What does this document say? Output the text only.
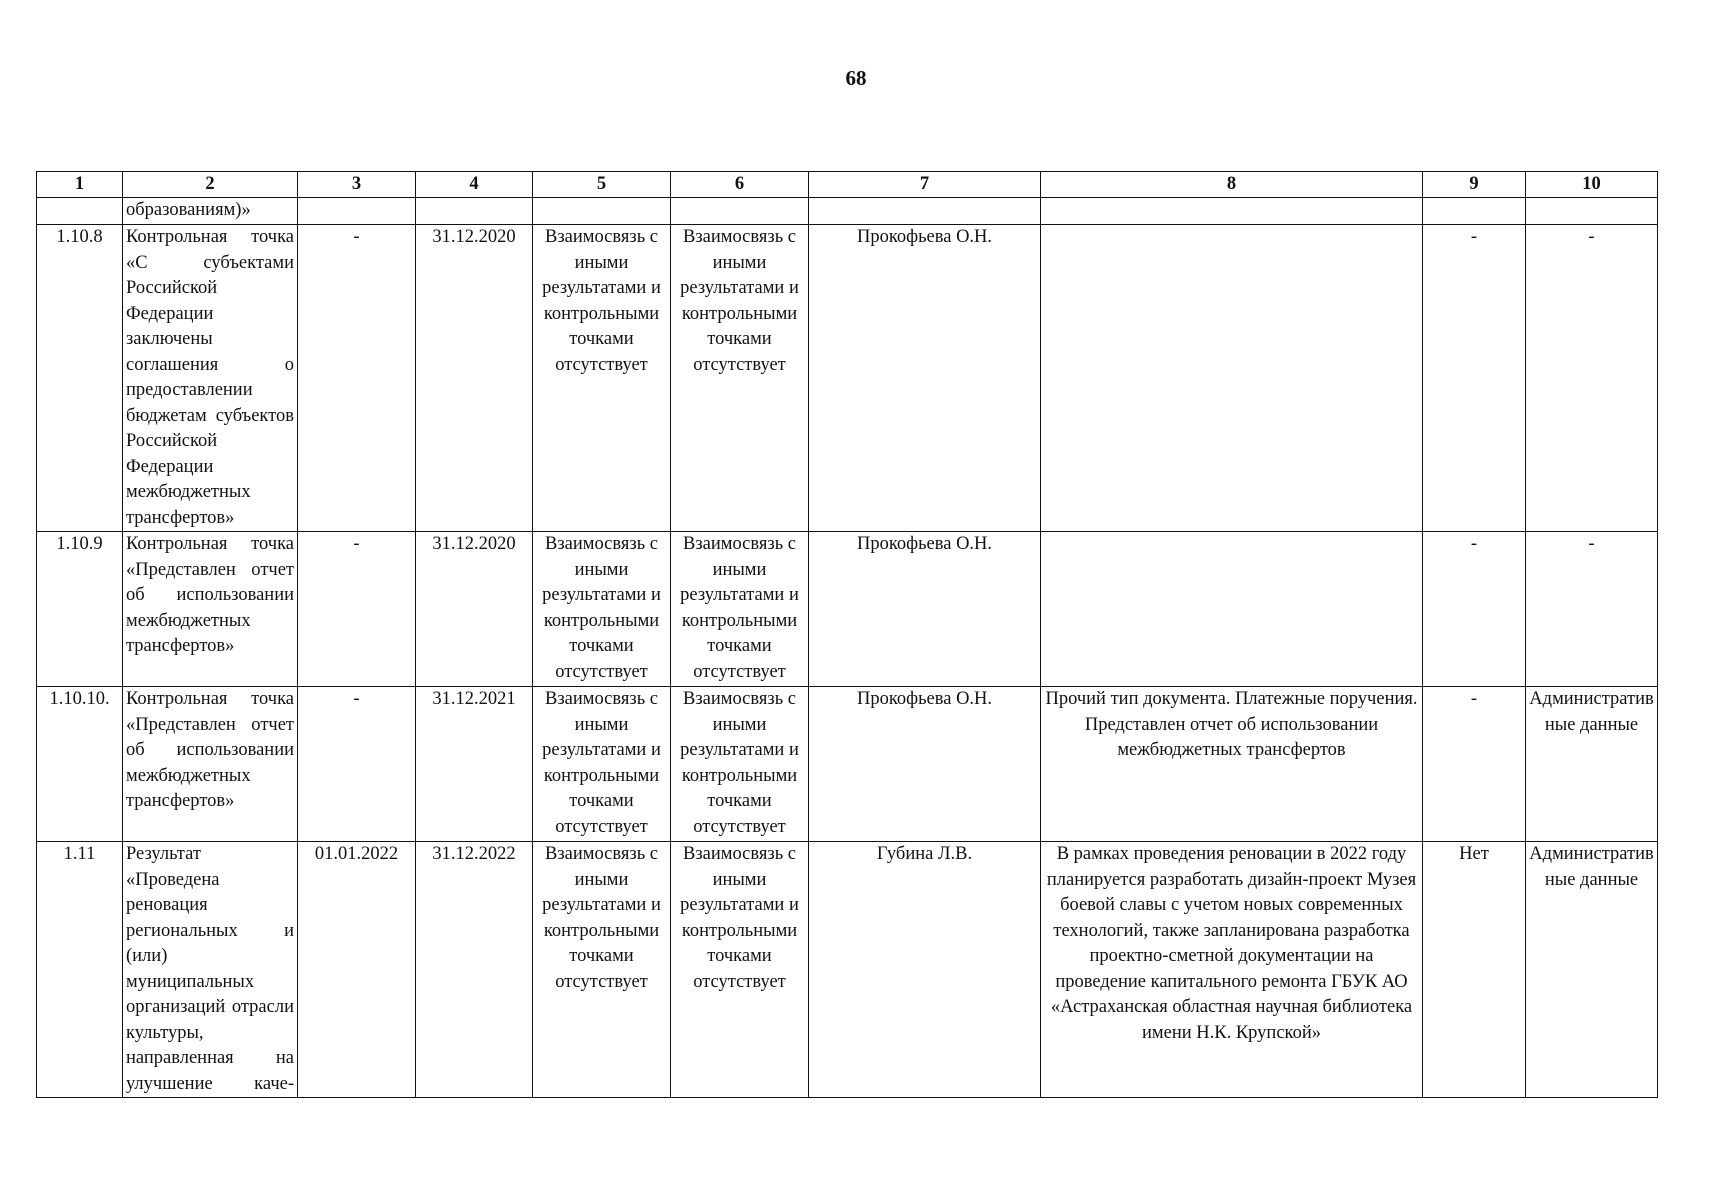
68
1	2	3	4	5	6	7	8	9	10
	образованиям)»								
1.10.8	Контрольная точка «С субъектами Российской Федерации заключены соглашения о предоставлении бюджетам субъектов Российской Федерации межбюджетных трансфертов»	-	31.12.2020	Взаимосвязь с иными результатами и контрольными точками отсутствует	Взаимосвязь с иными результатами и контрольными точками отсутствует	Прокофьева О.Н.		-	-
1.10.9	Контрольная точка «Представлен отчет об использовании межбюджетных трансфертов»	-	31.12.2020	Взаимосвязь с иными результатами и контрольными точками отсутствует	Взаимосвязь с иными результатами и контрольными точками отсутствует	Прокофьева О.Н.		-	-
1.10.10.	Контрольная точка «Представлен отчет об использовании межбюджетных трансфертов»	-	31.12.2021	Взаимосвязь с иными результатами и контрольными точками отсутствует	Взаимосвязь с иными результатами и контрольными точками отсутствует	Прокофьева О.Н.	Прочий тип документа. Платежные поручения. Представлен отчет об использовании межбюджетных трансфертов	-	Административные данные
1.11	Результат «Проведена реновация региональных и (или) муниципальных организаций отрасли культуры, направленная на улучшение каче-	01.01.2022	31.12.2022	Взаимосвязь с иными результатами и контрольными точками отсутствует	Взаимосвязь с иными результатами и контрольными точками отсутствует	Губина Л.В.	В рамках проведения реновации в 2022 году планируется разработать дизайн-проект Музея боевой славы с учетом новых современных технологий, также запланирована разработка проектно-сметной документации на проведение капитального ремонта ГБУК АО «Астраханская областная научная библиотека имени Н.К. Крупской»	Нет	Административные данные
